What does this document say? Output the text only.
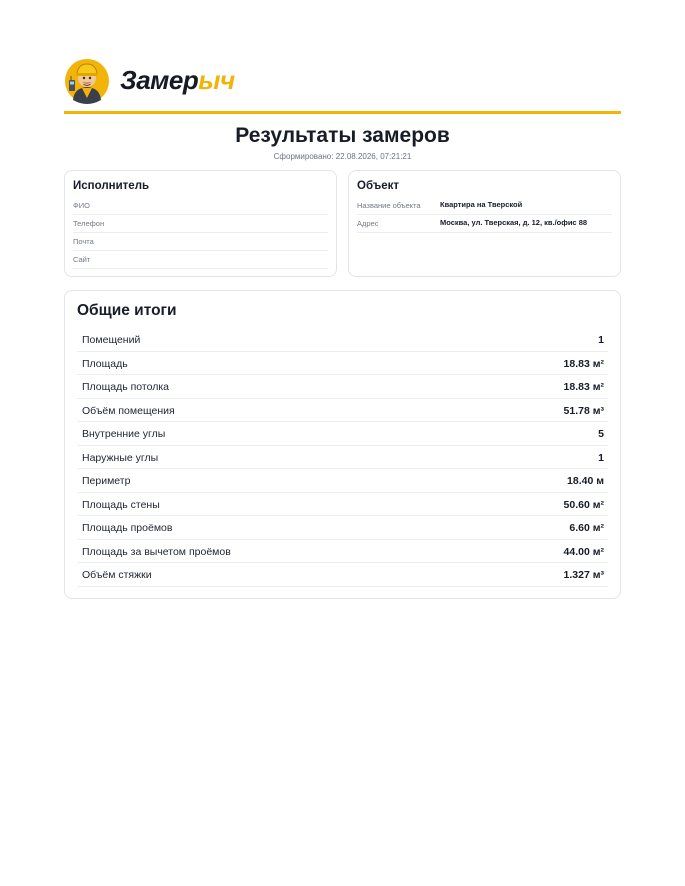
Замерыч
Результаты замеров
Сформировано: 22.08.2026, 07:21:21
Исполнитель
ФИО
Телефон
Почта
Сайт
Объект
Название объекта	Квартира на Тверской
Адрес	Москва, ул. Тверская, д. 12, кв./офис 88
Общие итоги
Помещений	1
Площадь	18.83 м²
Площадь потолка	18.83 м²
Объём помещения	51.78 м³
Внутренние углы	5
Наружные углы	1
Периметр	18.40 м
Площадь стены	50.60 м²
Площадь проёмов	6.60 м²
Площадь за вычетом проёмов	44.00 м²
Объём стяжки	1.327 м³
